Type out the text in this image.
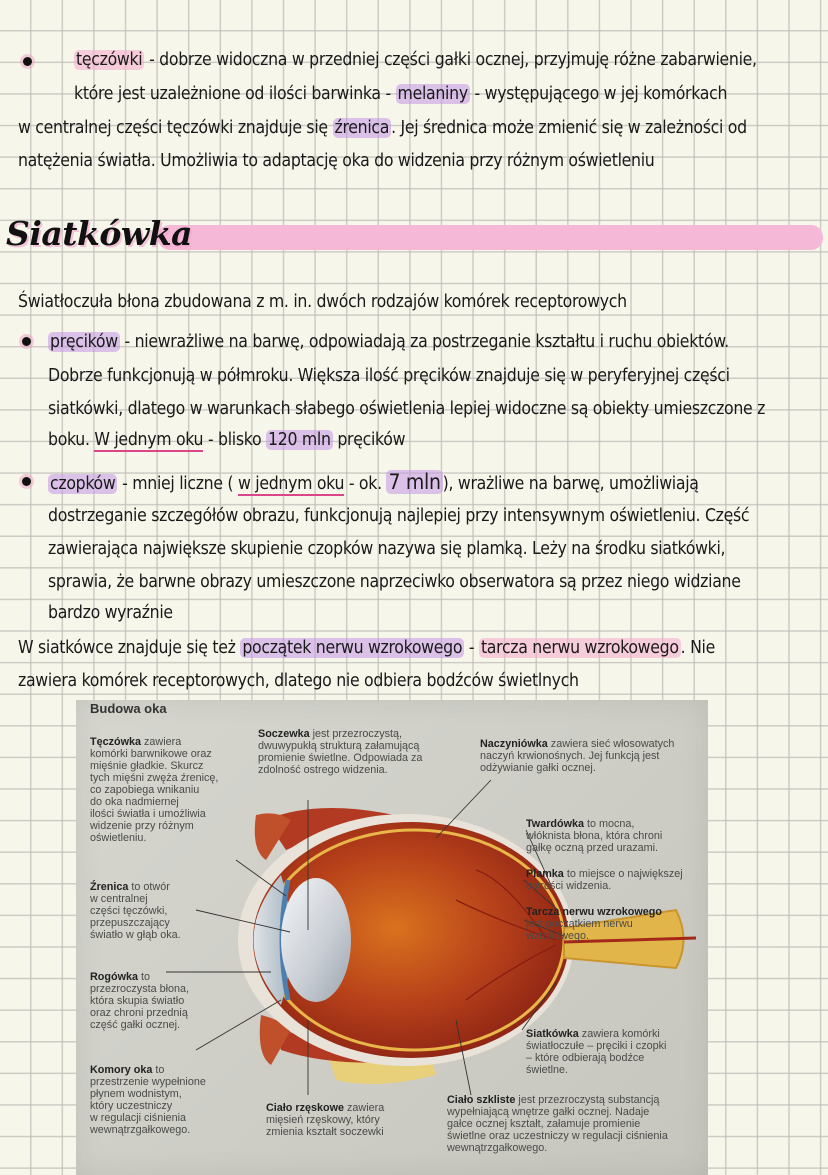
tęczówki - dobrze widoczna w przedniej części gałki ocznej, przyjmuję różne zabarwienie,
które jest uzależnione od ilości barwinka - melaniny - występującego w jej komórkach
w centralnej części tęczówki znajduje się źrenica . Jej średnica może zmienić się w zależności od
natężenia światła. Umożliwia to adaptację oka do widzenia przy różnym oświetleniu
Siatkówka
Światłoczuła błona zbudowana z m. in. dwóch rodzajów komórek receptorowych
pręcików - niewrażliwe na barwę, odpowiadają za postrzeganie kształtu i ruchu obiektów.
Dobrze funkcjonują w półmroku. Większa ilość pręcików znajduje się w peryferyjnej części
siatkówki, dlatego w warunkach słabego oświetlenia lepiej widoczne są obiekty umieszczone z
boku. W jednym oku - blisko 120 mln pręcików
czopków - mniej liczne ( w jednym oku - ok. 7 mln ), wrażliwe na barwę, umożliwiają
dostrzeganie szczegółów obrazu, funkcjonują najlepiej przy intensywnym oświetleniu. Część
zawierająca największe skupienie czopków nazywa się plamką. Leży na środku siatkówki,
sprawia, że barwne obrazy umieszczone naprzeciwko obserwatora są przez niego widziane
bardzo wyraźnie
W siatkówce znajduje się też początek nerwu wzrokowego - tarcza nerwu wzrokowego . Nie
zawiera komórek receptorowych, dlatego nie odbiera bodźców świetlnych
Budowa oka
Tęczówka zawiera
komórki barwnikowe oraz
mięśnie gładkie. Skurcz
tych mięśni zwęża źrenicę,
co zapobiega wnikaniu
do oka nadmiernej
ilości światła i umożliwia
widzenie przy różnym
oświetleniu.
Źrenica to otwór
w centralnej
części tęczówki,
przepuszczający
światło w głąb oka.
Rogówka to
przezroczysta błona,
która skupia światło
oraz chroni przednią
część gałki ocznej.
Komory oka to
przestrzenie wypełnione
płynem wodnistym,
który uczestniczy
w regulacji ciśnienia
wewnątrzgałkowego.
Soczewka jest przezroczystą,
dwuwypukłą strukturą załamującą
promienie świetlne. Odpowiada za
zdolność ostrego widzenia.
Naczyniówka zawiera sieć włosowatych
naczyń krwionośnych. Jej funkcją jest
odżywianie gałki ocznej.
Twardówka to mocna,
włóknista błona, która chroni
gałkę oczną przed urazami.
Plamka to miejsce o największej
ostrości widzenia.
Tarcza nerwu wzrokowego
jest początkiem nerwu
wzrokowego.
Siatkówka zawiera komórki
światłoczułe – pręciki i czopki
– które odbierają bodźce
świetlne.
Ciało rzęskowe zawiera
mięsień rzęskowy, który
zmienia kształt soczewki
Ciało szkliste jest przezroczystą substancją
wypełniającą wnętrze gałki ocznej. Nadaje
gałce ocznej kształt, załamuje promienie
świetlne oraz uczestniczy w regulacji ciśnienia
wewnątrzgałkowego.
